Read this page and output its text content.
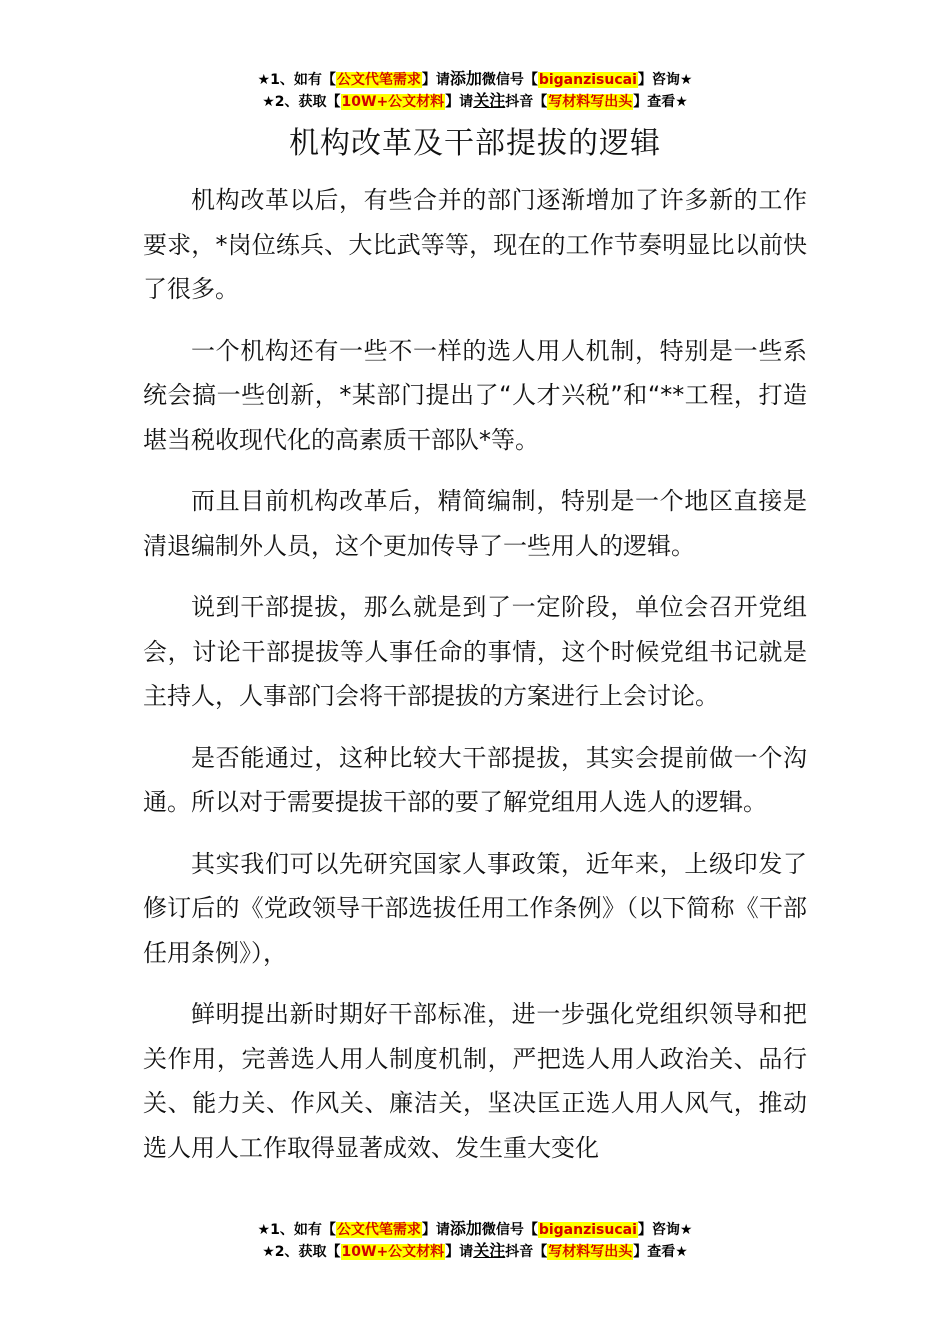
★1、如有【公文代笔需求】请添加微信号【biganzisucai】咨询★
★2、获取【10W+公文材料】请关注抖音【写材料写出头】查看★
机构改革及干部提拔的逻辑

机构改革以后，有些合并的部门逐渐增加了许多新的工作要求，*岗位练兵、大比武等等，现在的工作节奏明显比以前快了很多。

一个机构还有一些不一样的选人用人机制，特别是一些系统会搞一些创新，*某部门提出了“人才兴税”和“**工程，打造堪当税收现代化的高素质干部队*等。

而且目前机构改革后，精简编制，特别是一个地区直接是清退编制外人员，这个更加传导了一些用人的逻辑。

说到干部提拔，那么就是到了一定阶段，单位会召开党组会，讨论干部提拔等人事任命的事情，这个时候党组书记就是主持人，人事部门会将干部提拔的方案进行上会讨论。

是否能通过，这种比较大干部提拔，其实会提前做一个沟通。所以对于需要提拔干部的要了解党组用人选人的逻辑。

其实我们可以先研究国家人事政策，近年来，上级印发了修订后的《党政领导干部选拔任用工作条例》（以下简称《干部任用条例》），

鲜明提出新时期好干部标准，进一步强化党组织领导和把关作用，完善选人用人制度机制，严把选人用人政治关、品行关、能力关、作风关、廉洁关，坚决匡正选人用人风气，推动选人用人工作取得显著成效、发生重大变化

★1、如有【公文代笔需求】请添加微信号【biganzisucai】咨询★
★2、获取【10W+公文材料】请关注抖音【写材料写出头】查看★
